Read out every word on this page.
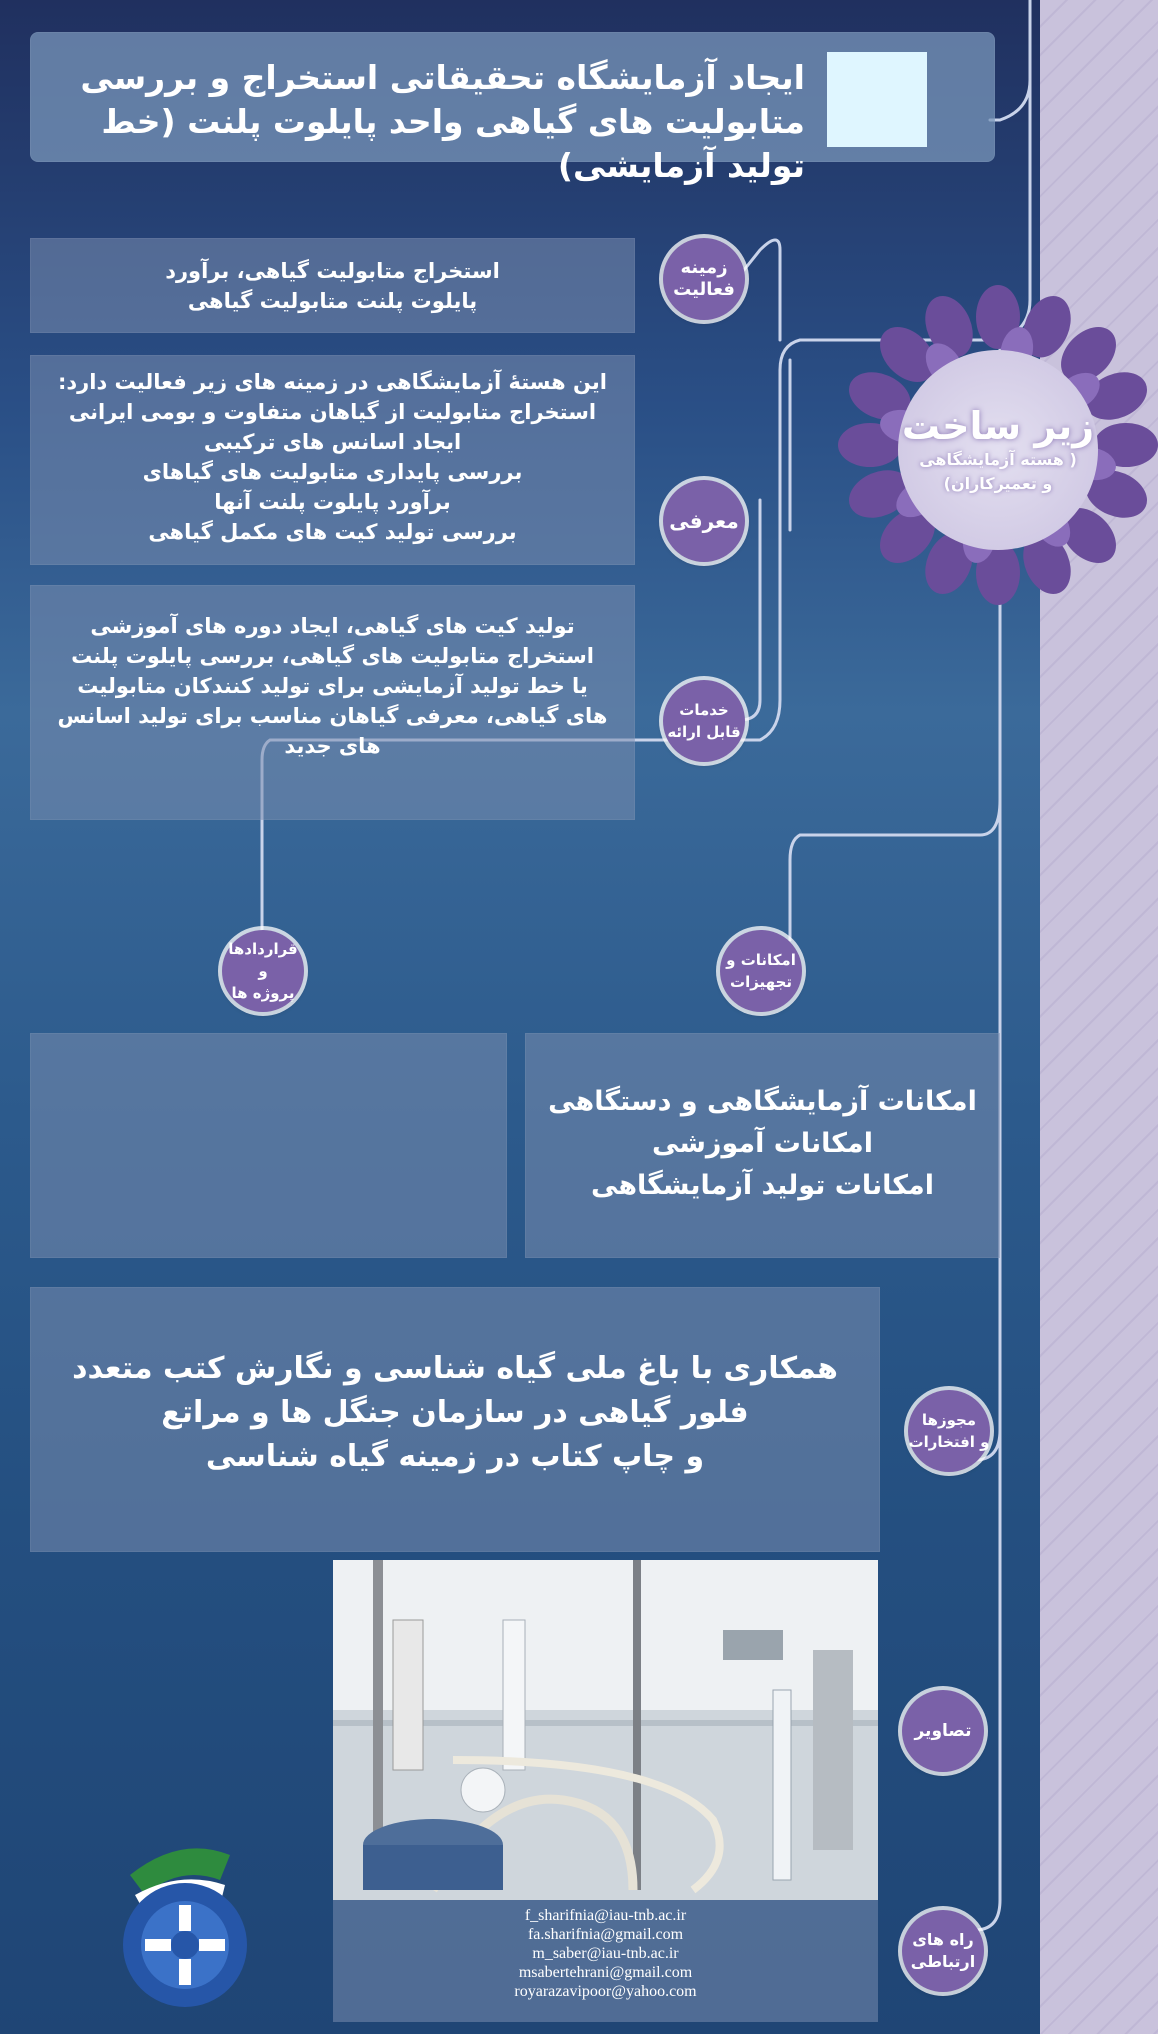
ایجاد آزمایشگاه تحقیقاتی استخراج و بررسی متابولیت های گیاهی واحد پایلوت پلنت (خط تولید آزمایشی)
زیر ساخت
( هسته آزمایشگاهی
و تعمیرکاران)
استخراج متابولیت گیاهی، برآورد
پایلوت پلنت متابولیت گیاهی
زمینه
فعالیت
این هستهٔ آزمایشگاهی در زمینه های زیر فعالیت دارد:
استخراج متابولیت از گیاهان متفاوت و بومی ایرانی
ایجاد اسانس های ترکیبی
بررسی پایداری متابولیت های گیاهای
برآورد پایلوت پلنت آنها
بررسی تولید کیت های مکمل گیاهی	معرفی
تولید کیت های گیاهی، ایجاد دوره های آموزشی
استخراج متابولیت های گیاهی، بررسی پایلوت پلنت
یا خط تولید آزمایشی برای تولید کنندکان متابولیت
های گیاهی، معرفی گیاهان مناسب برای تولید اسانس
های جدید
خدمات
قابل ارائه
قراردادها و
پروژه ها
امکانات و
تجهیزات
امکانات آزمایشگاهی و دستگاهی
امکانات آموزشی
امکانات تولید آزمایشگاهی
همکاری با باغ ملی گیاه شناسی و نگارش کتب متعدد
فلور گیاهی در سازمان جنگل ها و مراتع
و چاپ کتاب در زمینه گیاه شناسی
مجوزها
و افتخارات
تصاویر
f_sharifnia@iau-tnb.ac.ir
fa.sharifnia@gmail.com
m_saber@iau-tnb.ac.ir
msabertehrani@gmail.com
royarazavipoor@yahoo.com
راه های
ارتباطی
